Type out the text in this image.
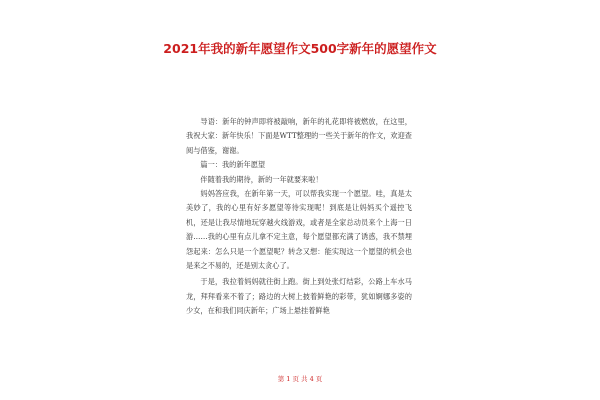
2021年我的新年愿望作文500字新年的愿望作文

导语：新年的钟声即将被敲响，新年的礼花即将被燃放，在这里，我祝大家：新年快乐！下面是WTT整理的一些关于新年的作文，欢迎查阅与借鉴，谢谢。

篇一：我的新年愿望

伴随着我的期待，新的一年就要来啦！

妈妈答应我，在新年第一天，可以帮我实现一个愿望。哇，真是太美妙了，我的心里有好多愿望等待实现呢！到底是让妈妈买个遥控飞机，还是让我尽情地玩穿越火线游戏，或者是全家总动员来个上海一日游……我的心里有点儿拿不定主意，每个愿望都充满了诱惑，我不禁埋怨起来：怎么只是一个愿望呢？转念又想：能实现这一个愿望的机会也是来之不易的，还是别太贪心了。

于是，我拉着妈妈就往街上跑。街上到处张灯结彩，公路上车水马龙，拜拜看来不着了；路边的大树上披着鲜艳的彩带，犹如婀娜多姿的少女，在和我们同庆新年；广场上悬挂着鲜艳

第 1 页 共 4 页
